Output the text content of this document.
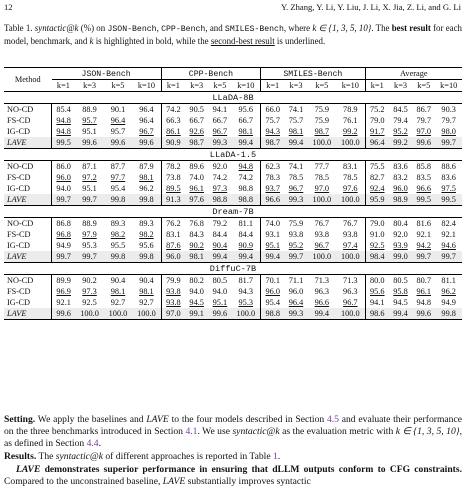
12	Y. Zhang, Y. Li, Y. Liu, J. Li, X. Jia, Z. Li, and G. Li
Table 1. syntactic@k (%) on JSON-Bench, CPP-Bench, and SMILES-Bench, where k ∈ {1, 3, 5, 10}. The best result for each model, benchmark, and k is highlighted in bold, while the second-best result is underlined.
Method	JSON-Bench				CPP-Bench				SMILES-Bench				Average			
	k=1	k=3	k=5	k=10	k=1	k=3	k=5	k=10	k=1	k=3	k=5	k=10	k=1	k=3	k=5	k=10
LLaDA-8B																
NO-CD	85.4	88.9	90.1	96.4	74.2	90.5	94.1	95.6	66.0	74.1	75.9	78.9	75.2	84.5	86.7	90.3
FS-CD	94.8	95.7	96.4	96.4	66.3	66.7	66.7	66.7	75.7	75.7	75.9	76.1	79.0	79.4	79.7	79.7
IG-CD	94.8	95.1	95.7	96.7	86.1	92.6	96.7	98.1	94.3	98.1	98.7	99.2	91.7	95.2	97.0	98.0
LAVE	99.5	99.6	99.6	99.6	90.9	98.7	99.3	99.4	98.7	99.4	100.0	100.0	96.4	99.2	99.6	99.7
LLaDA-1.5																
NO-CD	86.0	87.1	87.7	87.9	78.2	89.6	92.0	94.8	62.3	74.1	77.7	83.1	75.5	83.6	85.8	88.6
FS-CD	96.0	97.2	97.7	98.1	73.8	74.0	74.2	74.2	78.3	78.5	78.5	78.5	82.7	83.2	83.5	83.6
IG-CD	94.0	95.1	95.4	96.2	89.5	96.1	97.3	98.8	93.7	96.7	97.0	97.6	92.4	96.0	96.6	97.5
LAVE	99.7	99.7	99.8	99.8	91.3	97.6	98.8	98.8	96.6	99.3	100.0	100.0	95.9	98.9	99.5	99.5
Dream-7B																
NO-CD	86.8	88.9	89.3	89.3	76.2	76.8	79.2	81.1	74.0	75.9	76.7	76.7	79.0	80.4	81.6	82.4
FS-CD	96.8	97.9	98.2	98.2	83.1	84.3	84.4	84.4	93.1	93.8	93.8	93.8	91.0	92.0	92.1	92.1
IG-CD	94.9	95.3	95.5	95.6	87.6	90.2	90.4	90.9	95.1	95.2	96.7	97.4	92.5	93.9	94.2	94.6
LAVE	99.7	99.7	99.8	99.8	96.0	98.1	99.4	99.4	99.4	99.7	100.0	100.0	98.4	99.0	99.7	99.7
DiffuC-7B																
NO-CD	89.9	90.2	90.4	90.4	79.9	80.2	80.5	81.7	70.1	71.1	71.3	71.3	80.0	80.5	80.7	81.1
FS-CD	96.9	97.3	98.1	98.1	93.8	94.0	94.0	94.3	96.0	96.0	96.3	96.3	95.6	95.8	96.1	96.2
IG-CD	92.1	92.5	92.7	92.7	93.8	94.5	95.1	95.3	95.4	96.4	96.6	96.7	94.1	94.5	94.8	94.9
LAVE	99.6	100.0	100.0	100.0	97.0	99.1	99.6	100.0	98.8	99.3	99.4	100.0	98.6	99.4	99.6	99.8
Setting. We apply the baselines and LAVE to the four models described in Section 4.5 and evaluate their performance on the three benchmarks introduced in Section 4.1. We use syntactic@k as the evaluation metric with k ∈ {1, 3, 5, 10}, as defined in Section 4.4.
Results. The syntactic@k of different approaches is reported in Table 1.
LAVE demonstrates superior performance in ensuring that dLLM outputs conform to CFG constraints. Compared to the unconstrained baseline, LAVE substantially improves syntactic
